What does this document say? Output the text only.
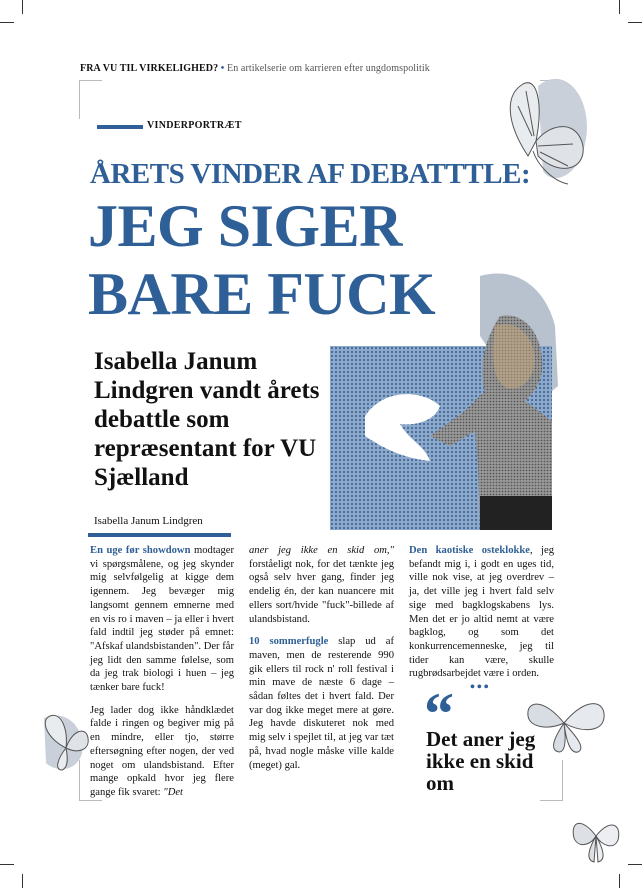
FRA VU TIL VIRKELIGHED? • En artikelserie om karrieren efter ungdomspolitik
VINDERPORTRÆT
ÅRETS VINDER AF DEBATTTLE:
JEG SIGER
BARE FUCK
Isabella Janum Lindgren vandt årets debattle som repræsentant for VU Sjælland
Isabella Janum Lindgren

En uge før showdown modtager vi spørgsmålene, og jeg skynder mig selvfølgelig at kigge dem igennem. Jeg bevæger mig langsomt gennem emnerne med en vis ro i maven – ja eller i hvert fald indtil jeg støder på emnet: "Afskaf ulandsbistanden". Der får jeg lidt den samme følelse, som da jeg trak biologi i huen – jeg tænker bare fuck!

Jeg lader dog ikke håndklædet falde i ringen og begiver mig på en mindre, eller tjo, større eftersøgning efter nogen, der ved noget om ulandsbistand. Efter mange opkald hvor jeg flere gange fik svaret: "Det

aner jeg ikke en skid om," forståeligt nok, for det tænkte jeg også selv hver gang, finder jeg endelig én, der kan nuancere mit ellers sort/hvide "fuck"-billede af ulandsbistand.

10 sommerfugle slap ud af maven, men de resterende 990 gik ellers til rock n' roll festival i min mave de næste 6 dage – sådan føltes det i hvert fald. Der var dog ikke meget mere at gøre. Jeg havde diskuteret nok med mig selv i spejlet til, at jeg var tæt på, hvad nogle måske ville kalde (meget) gal.

Den kaotiske osteklokke, jeg befandt mig i, i godt en uges tid, ville nok vise, at jeg overdrev – ja, det ville jeg i hvert fald selv sige med bagklogskabens lys. Men det er jo altid nemt at være bagklog, og som det konkurrencemenneske, jeg til tider kan være, skulle rugbrødsarbejdet være i orden.

•••
“
Det aner jeg ikke en skid om
